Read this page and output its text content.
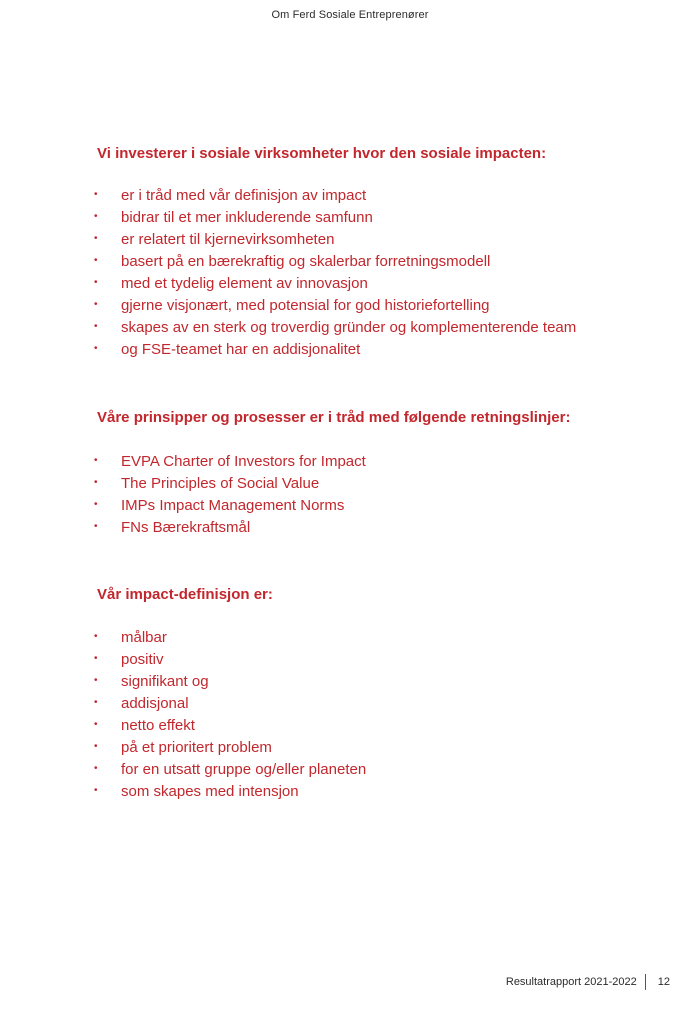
Om Ferd Sosiale Entreprenører
Vi investerer i sosiale virksomheter hvor den sosiale impacten:
• er i tråd med vår definisjon av impact
• bidrar til et mer inkluderende samfunn
• er relatert til kjernevirksomheten
• basert på en bærekraftig og skalerbar forretningsmodell
• med et tydelig element av innovasjon
• gjerne visjonært, med potensial for god historiefortelling
• skapes av en sterk og troverdig gründer og komplementerende team
• og FSE-teamet har en addisjonalitet
Våre prinsipper og prosesser er i tråd med følgende retningslinjer:
• EVPA Charter of Investors for Impact
• The Principles of Social Value
• IMPs Impact Management Norms
• FNs Bærekraftsmål
Vår impact-definisjon er:
• målbar
• positiv
• signifikant og
• addisjonal
• netto effekt
• på et prioritert problem
• for en utsatt gruppe og/eller planeten
• som skapes med intensjon
Resultatrapport 2021-2022 12
